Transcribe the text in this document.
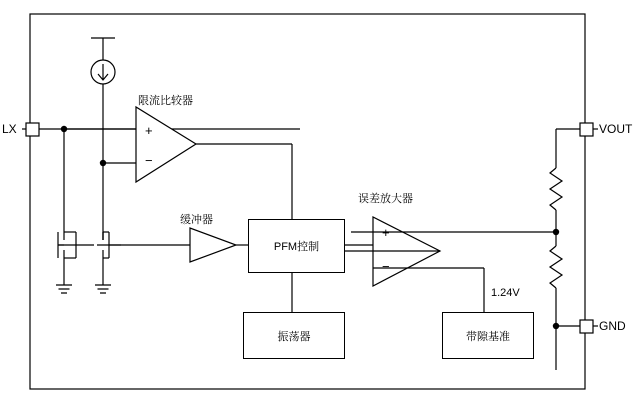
PFM控制
振荡器	带隙基准
限流比较器
缓冲器
误差放大器
1.24V
LX	VOUT
GND
+
−
+
−
